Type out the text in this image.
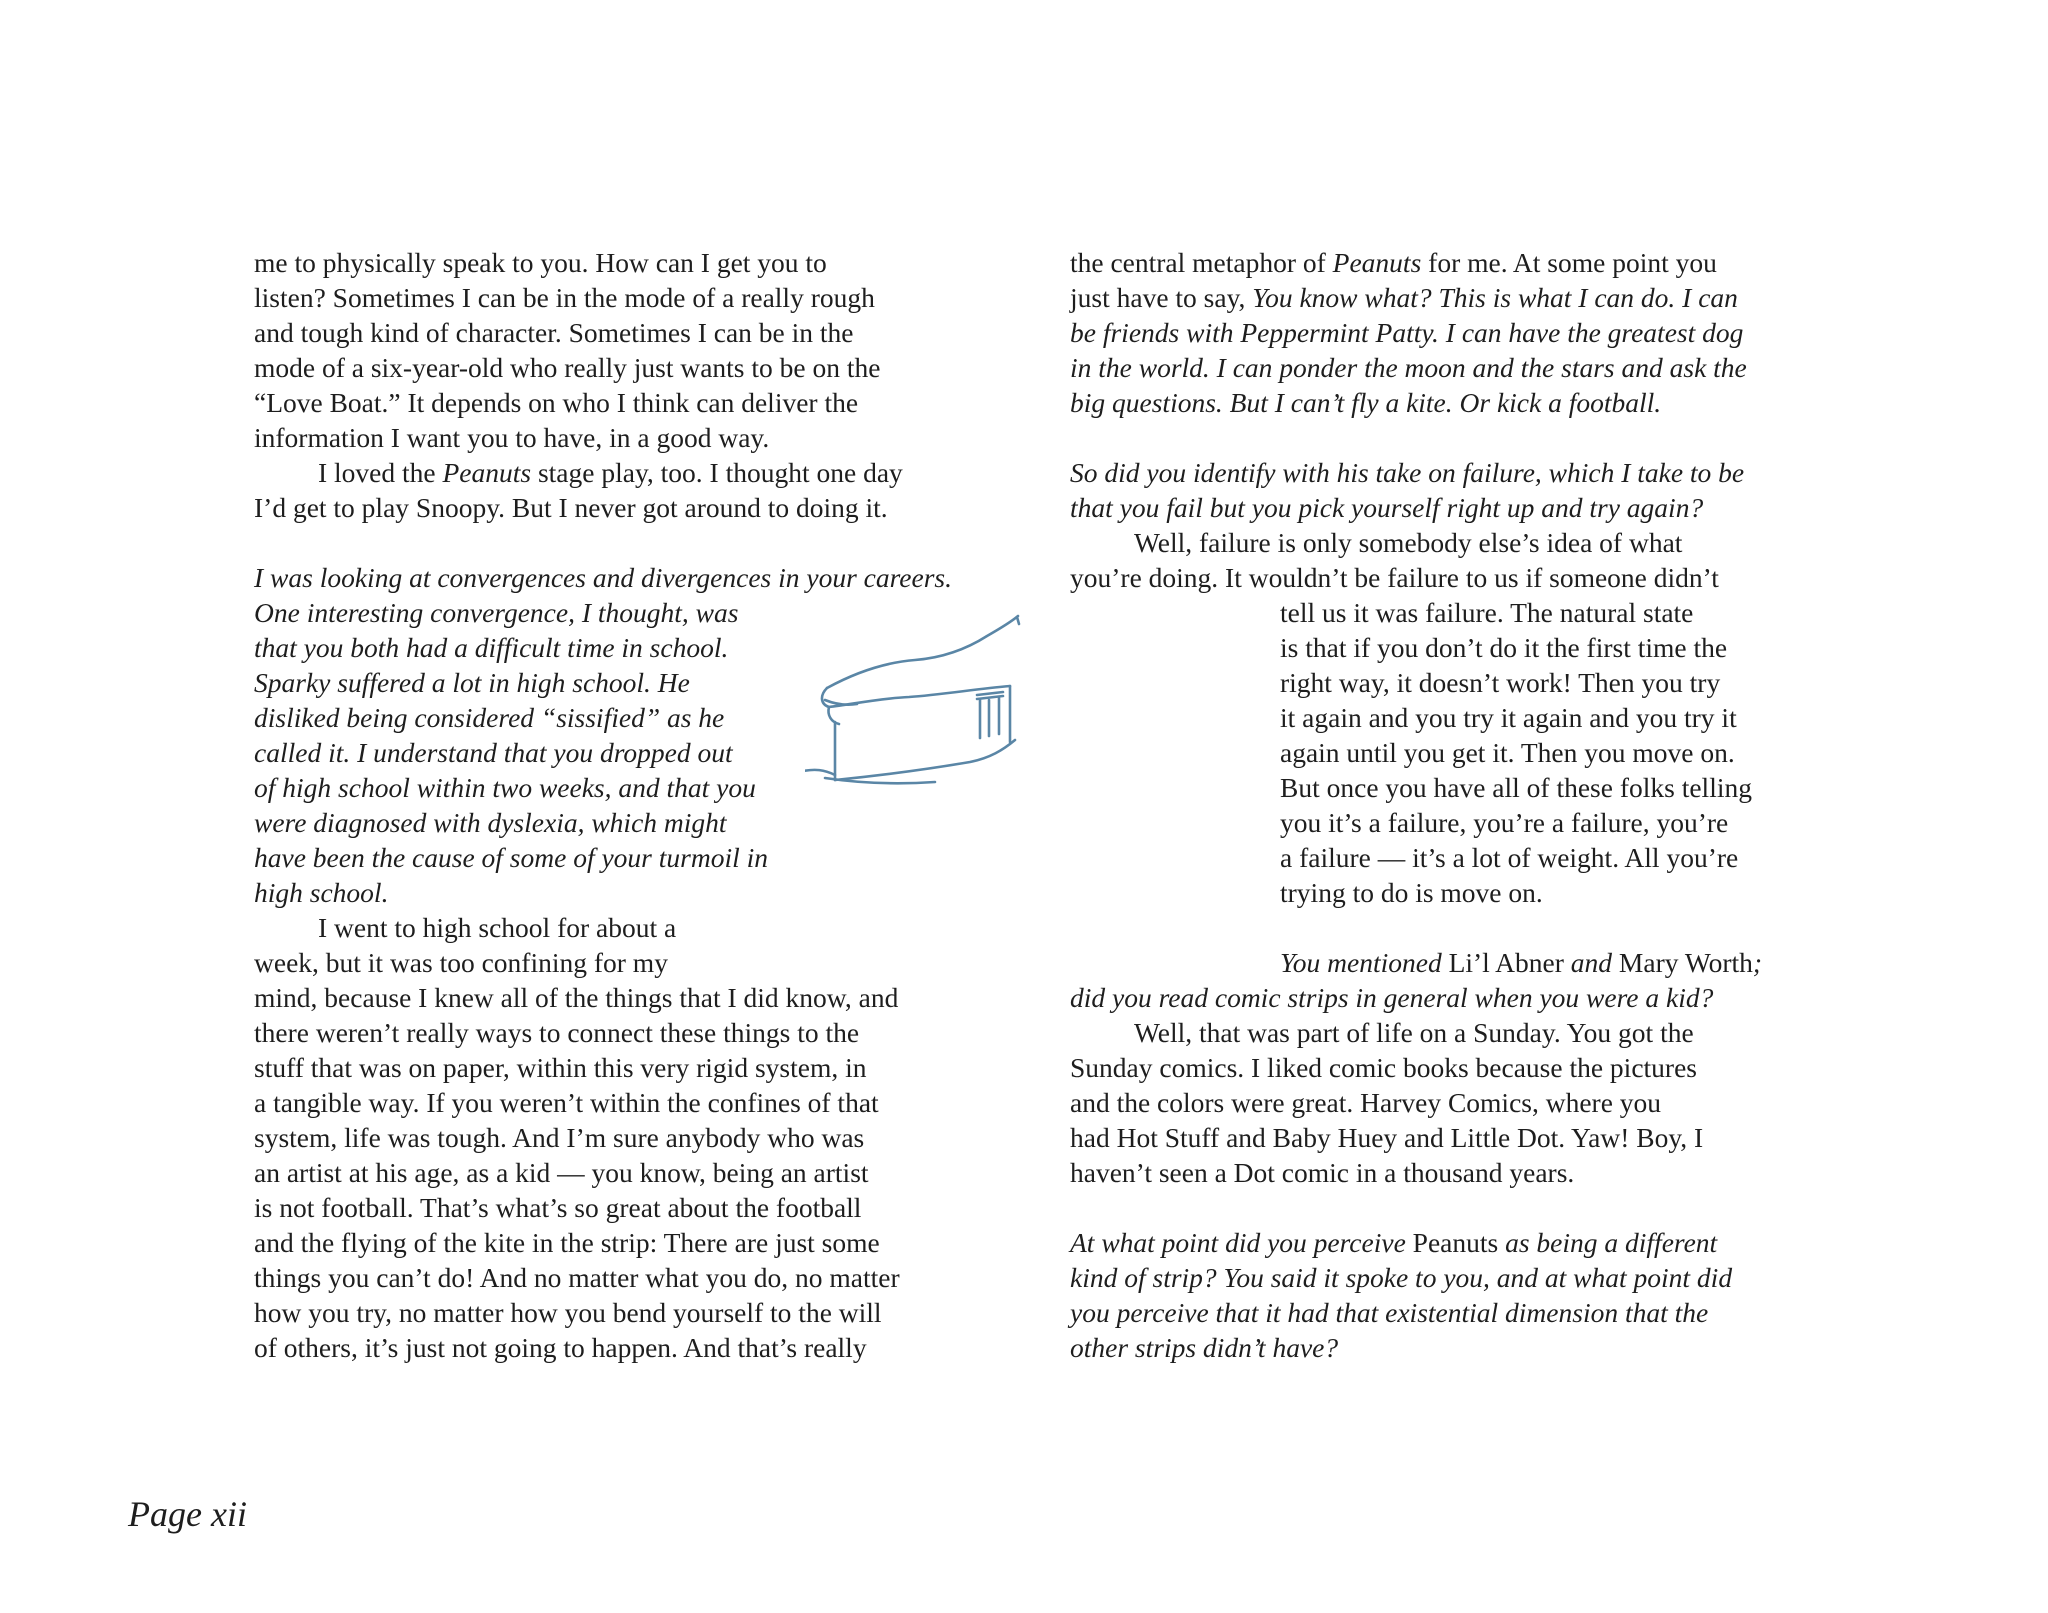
me to physically speak to you. How can I get you to
listen? Sometimes I can be in the mode of a really rough
and tough kind of character. Sometimes I can be in the
mode of a six-year-old who really just wants to be on the
“Love Boat.” It depends on who I think can deliver the
information I want you to have, in a good way.
I loved the Peanuts stage play, too. I thought one day
I’d get to play Snoopy. But I never got around to doing it.
I was looking at convergences and divergences in your careers.
One interesting convergence, I thought, was
that you both had a difficult time in school.
Sparky suffered a lot in high school. He
disliked being considered “sissified” as he
called it. I understand that you dropped out
of high school within two weeks, and that you
were diagnosed with dyslexia, which might
have been the cause of some of your turmoil in
high school.
I went to high school for about a
week, but it was too confining for my
mind, because I knew all of the things that I did know, and
there weren’t really ways to connect these things to the
stuff that was on paper, within this very rigid system, in
a tangible way. If you weren’t within the confines of that
system, life was tough. And I’m sure anybody who was
an artist at his age, as a kid — you know, being an artist
is not football. That’s what’s so great about the football
and the flying of the kite in the strip: There are just some
things you can’t do! And no matter what you do, no matter
how you try, no matter how you bend yourself to the will
of others, it’s just not going to happen. And that’s really
the central metaphor of Peanuts for me. At some point you
just have to say, You know what? This is what I can do. I can
be friends with Peppermint Patty. I can have the greatest dog
in the world. I can ponder the moon and the stars and ask the
big questions. But I can’t fly a kite. Or kick a football.
So did you identify with his take on failure, which I take to be
that you fail but you pick yourself right up and try again?
Well, failure is only somebody else’s idea of what
you’re doing. It wouldn’t be failure to us if someone didn’t
tell us it was failure. The natural state
is that if you don’t do it the first time the
right way, it doesn’t work! Then you try
it again and you try it again and you try it
again until you get it. Then you move on.
But once you have all of these folks telling
you it’s a failure, you’re a failure, you’re
a failure — it’s a lot of weight. All you’re
trying to do is move on.
You mentioned Li’l Abner and Mary Worth;
did you read comic strips in general when you were a kid?
Well, that was part of life on a Sunday. You got the
Sunday comics. I liked comic books because the pictures
and the colors were great. Harvey Comics, where you
had Hot Stuff and Baby Huey and Little Dot. Yaw! Boy, I
haven’t seen a Dot comic in a thousand years.
At what point did you perceive Peanuts as being a different
kind of strip? You said it spoke to you, and at what point did
you perceive that it had that existential dimension that the
other strips didn’t have?
Page xii
